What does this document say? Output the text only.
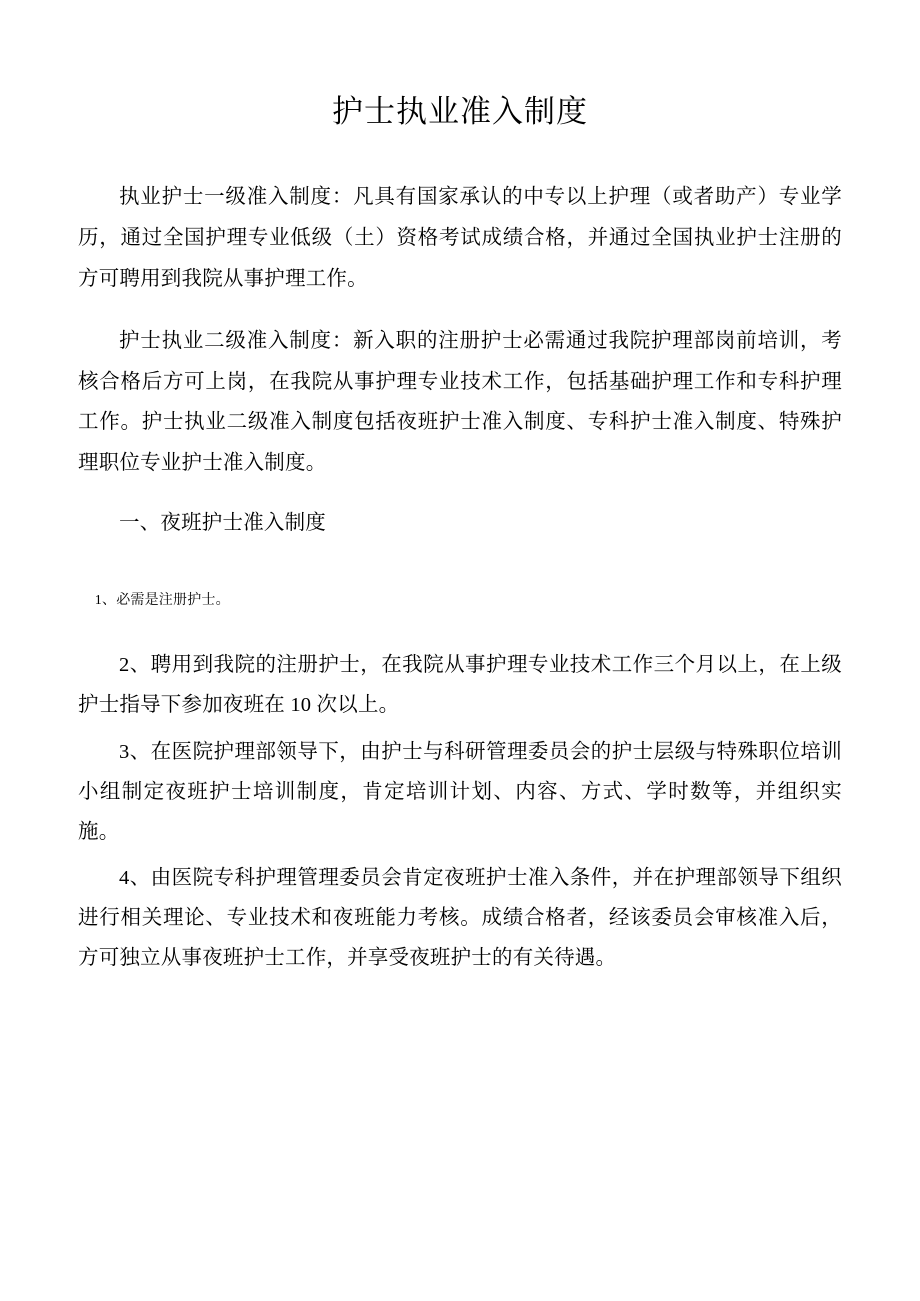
护士执业准入制度

执业护士一级准入制度：凡具有国家承认的中专以上护理（或者助产）专业学历，通过全国护理专业低级（土）资格考试成绩合格，并通过全国执业护士注册的方可聘用到我院从事护理工作。

护士执业二级准入制度：新入职的注册护士必需通过我院护理部岗前培训，考核合格后方可上岗，在我院从事护理专业技术工作，包括基础护理工作和专科护理工作。护士执业二级准入制度包括夜班护士准入制度、专科护士准入制度、特殊护理职位专业护士准入制度。

一、夜班护士准入制度

1、必需是注册护士。

2、聘用到我院的注册护士，在我院从事护理专业技术工作三个月以上，在上级护士指导下参加夜班在 10 次以上。

3、在医院护理部领导下，由护士与科研管理委员会的护士层级与特殊职位培训小组制定夜班护士培训制度，肯定培训计划、内容、方式、学时数等，并组织实施。

4、由医院专科护理管理委员会肯定夜班护士准入条件，并在护理部领导下组织进行相关理论、专业技术和夜班能力考核。成绩合格者，经该委员会审核准入后，方可独立从事夜班护士工作，并享受夜班护士的有关待遇。
